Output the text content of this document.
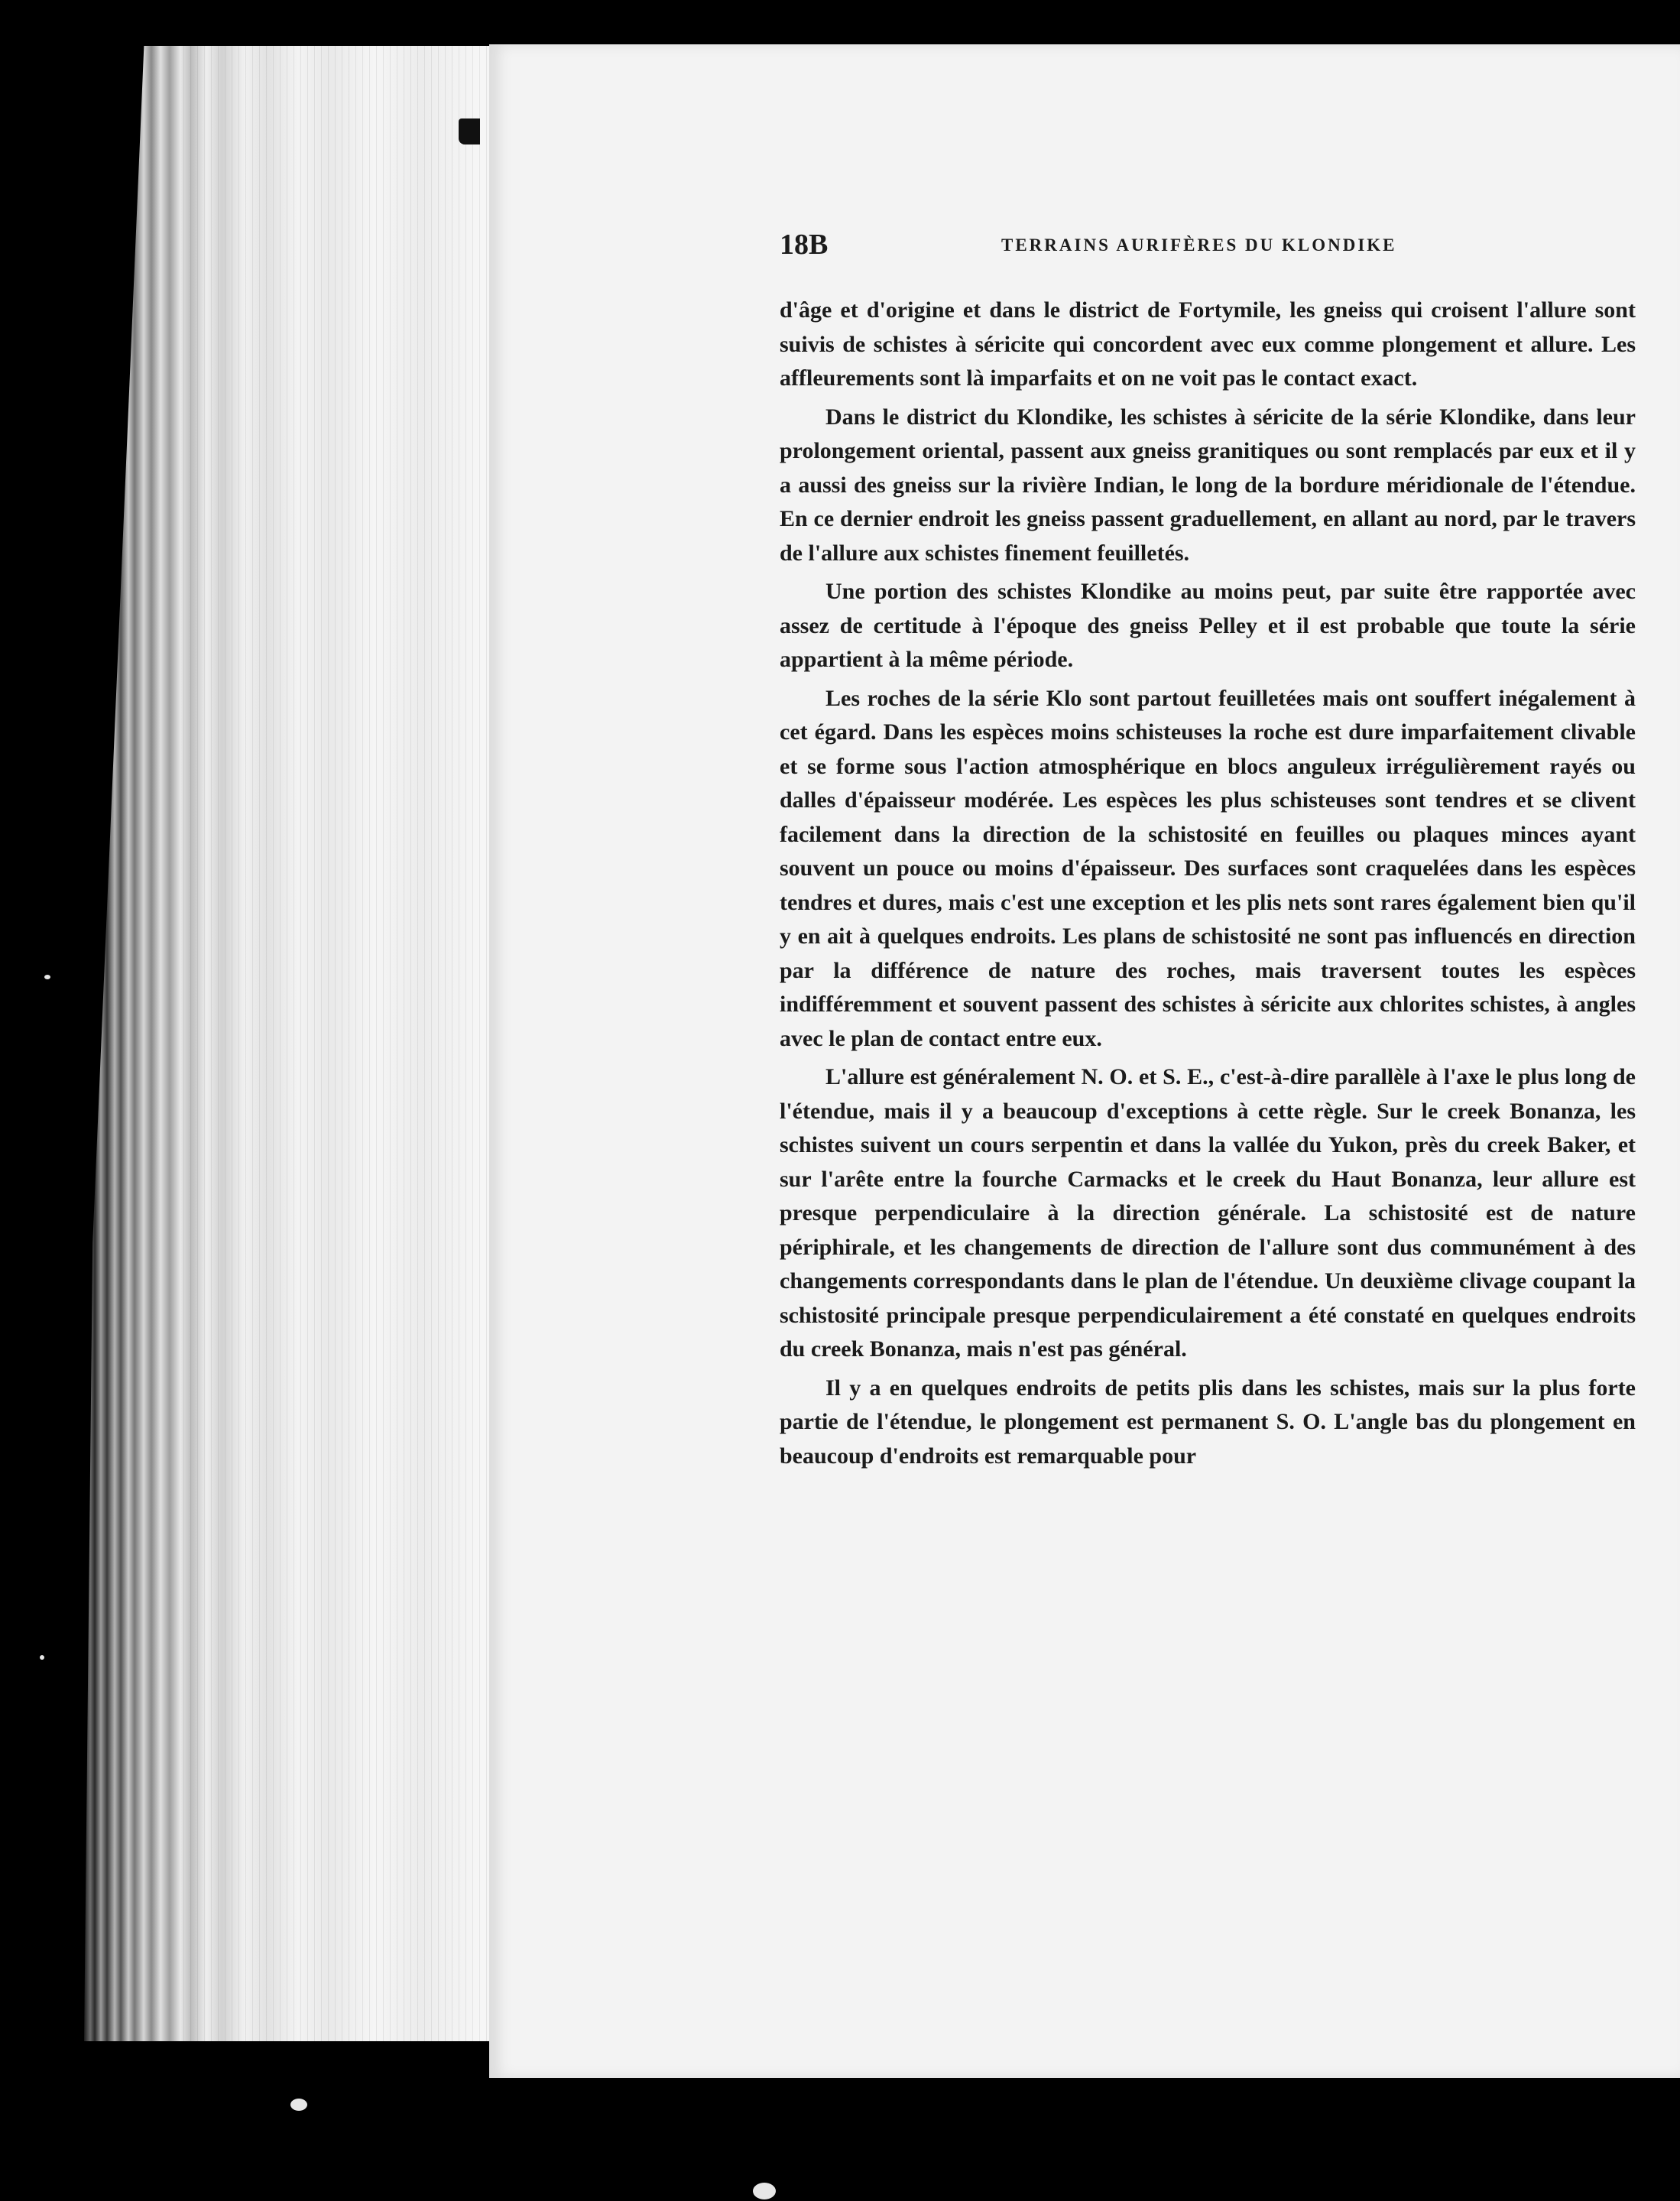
18B	TERRAINS AURIFÈRES DU KLONDIKE

d'âge et d'origine et dans le district de Fortymile, les gneiss qui croisent l'allure sont suivis de schistes à séricite qui concordent avec eux comme plongement et allure. Les affleurements sont là imparfaits et on ne voit pas le contact exact.

Dans le district du Klondike, les schistes à séricite de la série Klondike, dans leur prolongement oriental, passent aux gneiss granitiques ou sont remplacés par eux et il y a aussi des gneiss sur la rivière Indian, le long de la bordure méridionale de l'étendue. En ce dernier endroit les gneiss passent graduellement, en allant au nord, par le travers de l'allure aux schistes finement feuilletés.

Une portion des schistes Klondike au moins peut, par suite être rapportée avec assez de certitude à l'époque des gneiss Pelley et il est probable que toute la série appartient à la même période.

Les roches de la série Klo sont partout feuilletées mais ont souffert inégalement à cet égard. Dans les espèces moins schisteuses la roche est dure imparfaitement clivable et se forme sous l'action atmosphérique en blocs anguleux irrégulièrement rayés ou dalles d'épaisseur modérée. Les espèces les plus schisteuses sont tendres et se clivent facilement dans la direction de la schistosité en feuilles ou plaques minces ayant souvent un pouce ou moins d'épaisseur. Des surfaces sont craquelées dans les espèces tendres et dures, mais c'est une exception et les plis nets sont rares également bien qu'il y en ait à quelques endroits. Les plans de schistosité ne sont pas influencés en direction par la différence de nature des roches, mais traversent toutes les espèces indifféremment et souvent passent des schistes à séricite aux chlorites schistes, à angles avec le plan de contact entre eux.

L'allure est généralement N. O. et S. E., c'est-à-dire parallèle à l'axe le plus long de l'étendue, mais il y a beaucoup d'exceptions à cette règle. Sur le creek Bonanza, les schistes suivent un cours serpentin et dans la vallée du Yukon, près du creek Baker, et sur l'arête entre la fourche Carmacks et le creek du Haut Bonanza, leur allure est presque perpendiculaire à la direction générale. La schistosité est de nature périphirale, et les changements de direction de l'allure sont dus communément à des changements correspondants dans le plan de l'étendue. Un deuxième clivage coupant la schistosité principale presque perpendiculairement a été constaté en quelques endroits du creek Bonanza, mais n'est pas général.

Il y a en quelques endroits de petits plis dans les schistes, mais sur la plus forte partie de l'étendue, le plongement est permanent S. O. L'angle bas du plongement en beaucoup d'endroits est remarquable pour
